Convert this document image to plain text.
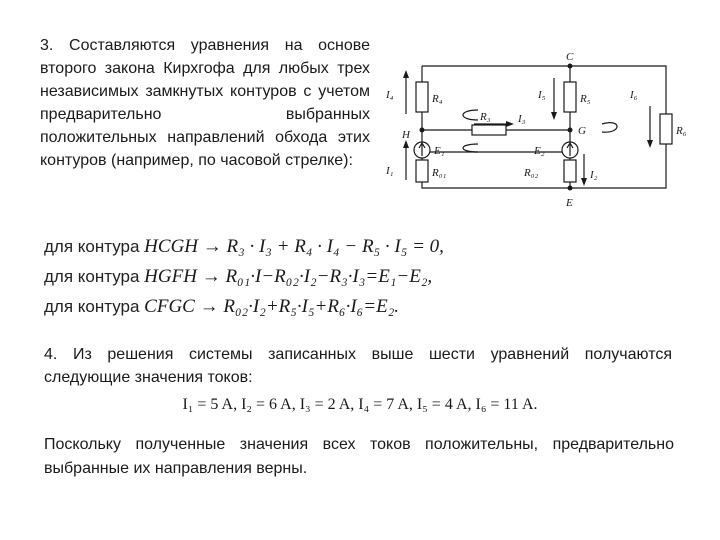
3. Составляются уравнения на основе второго закона Кирхгофа для любых трех независимых замкнутых контуров с учетом предварительно выбранных положительных направлений обхода этих контуров (например, по часовой стрелке):
C
H	G
E
R₄	R₅
R₆
R₃
R₀₁	R₀₂
E₁	E₂
I₄	I₅	I₆
I₃
I₁	I₂
для контура HCGH → R₃ · I₃ + R₄ · I₄ − R₅ · I₅ = 0,
для контура HGFH → R₀₁·I−R₀₂·I₂−R₃·I₃=E₁−E₂,
для контура CFGC → R₀₂·I₂+R₅·I₅+R₆·I₆=E₂.
4. Из решения системы записанных выше шести уравнений получаются следующие значения токов:
I₁ = 5 A, I₂ = 6 A, I₃ = 2 A, I₄ = 7 A, I₅ = 4 A, I₆ = 11 A.
Поскольку полученные значения всех токов положительны, предварительно выбранные их направления верны.
